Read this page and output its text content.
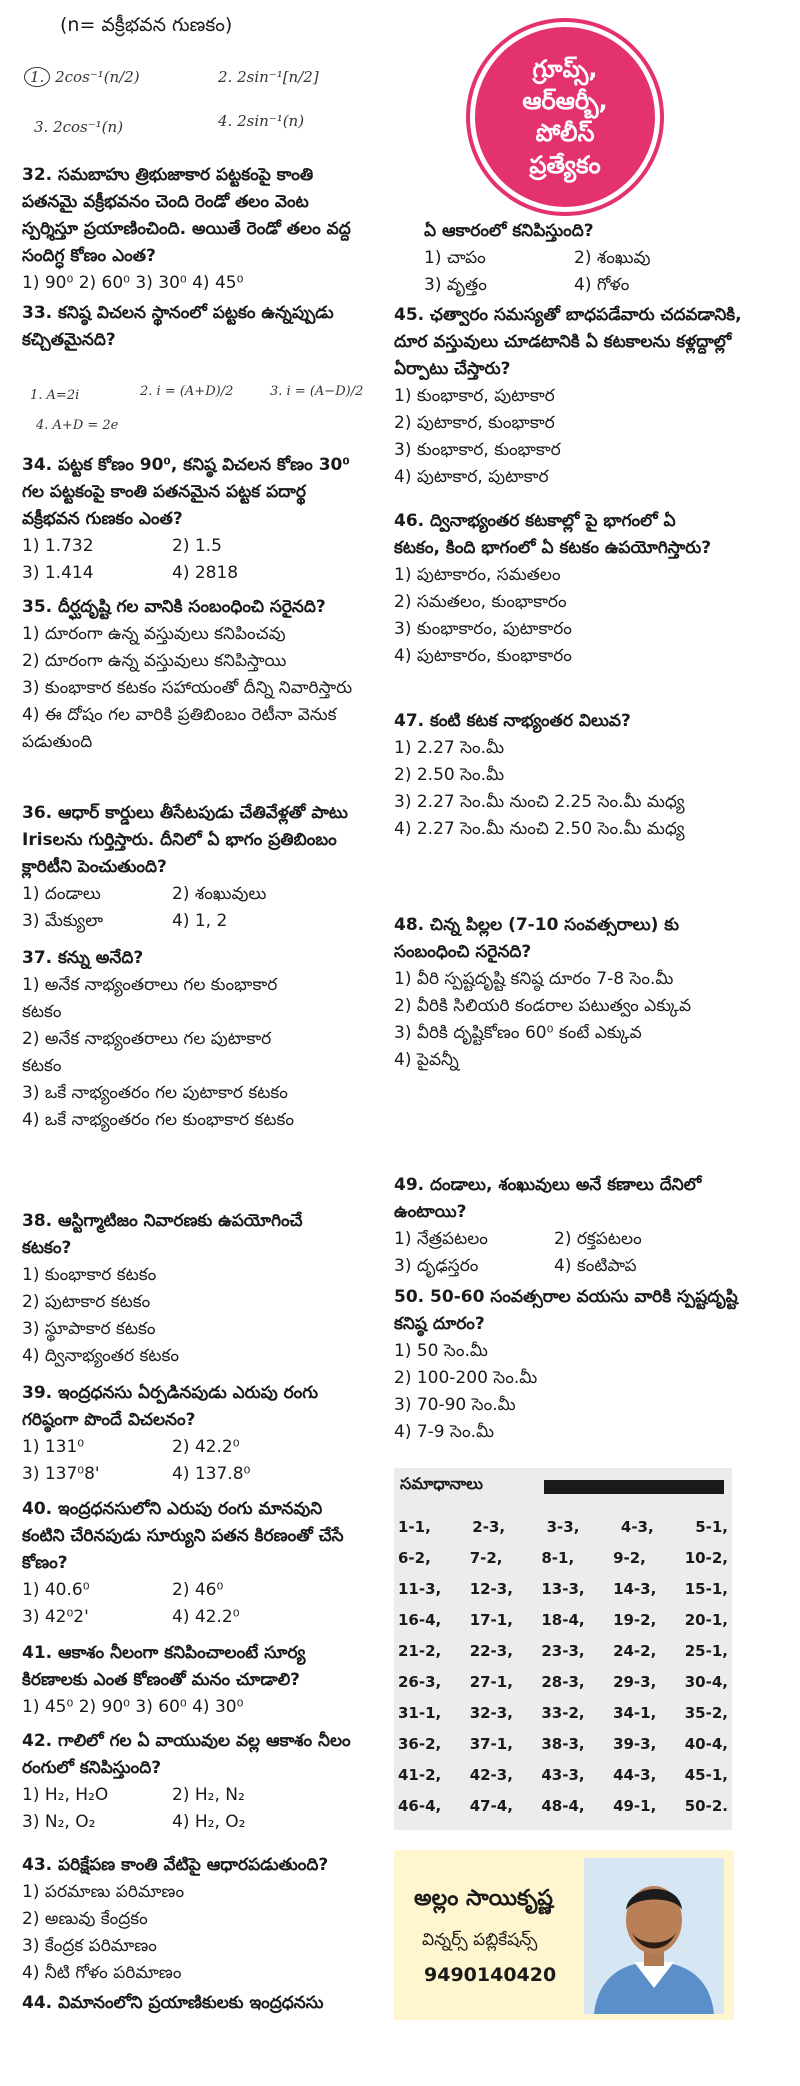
(n= వక్రీభవన గుణకం)
1. 2cos⁻¹(n/2)	2. 2sin⁻¹[n/2]
3. 2cos⁻¹(n)	4. 2sin⁻¹(n)
గ్రూప్స్,
ఆర్ఆర్బీ,
పోలీస్
ప్రత్యేకం
32. సమబాహు త్రిభుజాకార పట్టకంపై కాంతి పతనమై వక్రీభవనం చెంది రెండో తలం వెంట స్పర్శిస్తూ ప్రయాణించింది. అయితే రెండో తలం వద్ద సందిగ్ధ కోణం ఎంత?
1) 90⁰ 2) 60⁰ 3) 30⁰ 4) 45⁰
33. కనిష్ఠ విచలన స్థానంలో పట్టకం ఉన్నప్పుడు కచ్చితమైనది?
1. A=2i	2. i = (A+D)/2	3. i = (A−D)/2
4. A+D = 2e
34. పట్టక కోణం 90⁰, కనిష్ఠ విచలన కోణం 30⁰ గల పట్టకంపై కాంతి పతనమైన పట్టక పదార్థ వక్రీభవన గుణకం ఎంత?
1) 1.732	2) 1.5
3) 1.414	4) 2818
35. దీర్ఘదృష్టి గల వానికి సంబంధించి సరైనది?
1) దూరంగా ఉన్న వస్తువులు కనిపించవు
2) దూరంగా ఉన్న వస్తువులు కనిపిస్తాయి
3) కుంభాకార కటకం సహాయంతో దీన్ని నివారిస్తారు
4) ఈ దోషం గల వారికి ప్రతిబింబం రెటీనా వెనుక పడుతుంది
36. ఆధార్ కార్డులు తీసేటపుడు చేతివేళ్లతో పాటు Irisలను గుర్తిస్తారు. దీనిలో ఏ భాగం ప్రతిబింబం క్లారిటీని పెంచుతుంది?
1) దండాలు	2) శంఖువులు
3) మేక్యులా	4) 1, 2
37. కన్ను అనేది?
1) అనేక నాభ్యంతరాలు గల కుంభాకార కటకం
2) అనేక నాభ్యంతరాలు గల పుటాకార కటకం
3) ఒకే నాభ్యంతరం గల పుటాకార కటకం
4) ఒకే నాభ్యంతరం గల కుంభాకార కటకం
38. ఆస్టిగ్మాటిజం నివారణకు ఉపయోగించే కటకం?
1) కుంభాకార కటకం
2) పుటాకార కటకం
3) స్థూపాకార కటకం
4) ద్వినాభ్యంతర కటకం
39. ఇంద్రధనసు ఏర్పడినపుడు ఎరుపు రంగు గరిష్ఠంగా పొందే విచలనం?
1) 131⁰	2) 42.2⁰
3) 137⁰8'	4) 137.8⁰
40. ఇంద్రధనసులోని ఎరుపు రంగు మానవుని కంటిని చేరినపుడు సూర్యుని పతన కిరణంతో చేసే కోణం?
1) 40.6⁰	2) 46⁰
3) 42⁰2'	4) 42.2⁰
41. ఆకాశం నీలంగా కనిపించాలంటే సూర్య కిరణాలకు ఎంత కోణంతో మనం చూడాలి?
1) 45⁰ 2) 90⁰ 3) 60⁰ 4) 30⁰
42. గాలిలో గల ఏ వాయువుల వల్ల ఆకాశం నీలం రంగులో కనిపిస్తుంది?
1) H₂, H₂O	2) H₂, N₂
3) N₂, O₂	4) H₂, O₂
43. పరిక్షేపణ కాంతి వేటిపై ఆధారపడుతుంది?
1) పరమాణు పరిమాణం
2) అణువు కేంద్రకం
3) కేంద్రక పరిమాణం
4) నీటి గోళం పరిమాణం
44. విమానంలోని ప్రయాణికులకు ఇంద్రధనసు
ఏ ఆకారంలో కనిపిస్తుంది?
1) చాపం	2) శంఖువు
3) వృత్తం	4) గోళం
45. ఛత్వారం సమస్యతో బాధపడేవారు చదవడానికి, దూర వస్తువులు చూడటానికి ఏ కటకాలను కళ్లద్దాల్లో ఏర్పాటు చేస్తారు?
1) కుంభాకార, పుటాకార
2) పుటాకార, కుంభాకార
3) కుంభాకార, కుంభాకార
4) పుటాకార, పుటాకార
46. ద్వినాభ్యంతర కటకాల్లో పై భాగంలో ఏ కటకం, కింది భాగంలో ఏ కటకం ఉపయోగిస్తారు?
1) పుటాకారం, సమతలం
2) సమతలం, కుంభాకారం
3) కుంభాకారం, పుటాకారం
4) పుటాకారం, కుంభాకారం
47. కంటి కటక నాభ్యంతర విలువ?
1) 2.27 సెం.మీ
2) 2.50 సెం.మీ
3) 2.27 సెం.మీ నుంచి 2.25 సెం.మీ మధ్య
4) 2.27 సెం.మీ నుంచి 2.50 సెం.మీ మధ్య
48. చిన్న పిల్లల (7-10 సంవత్సరాలు) కు సంబంధించి సరైనది?
1) వీరి స్పష్టదృష్టి కనిష్ఠ దూరం 7-8 సెం.మీ
2) వీరికి సిలియరి కండరాల పటుత్వం ఎక్కువ
3) వీరికి దృష్టికోణం 60⁰ కంటే ఎక్కువ
4) పైవన్నీ
49. దండాలు, శంఖువులు అనే కణాలు దేనిలో ఉంటాయి?
1) నేత్రపటలం	2) రక్తపటలం
3) దృఢస్తరం	4) కంటిపాప
50. 50-60 సంవత్సరాల వయసు వారికి స్పష్టదృష్టి కనిష్ఠ దూరం?
1) 50 సెం.మీ
2) 100-200 సెం.మీ
3) 70-90 సెం.మీ
4) 7-9 సెం.మీ
సమాధానాలు
1-1,	2-3,	3-3,	4-3,	5-1,
6-2,	7-2,	8-1,	9-2,	10-2,
11-3, 12-3, 13-3, 14-3, 15-1,
16-4, 17-1, 18-4, 19-2, 20-1,
21-2, 22-3, 23-3, 24-2, 25-1,
26-3, 27-1, 28-3, 29-3, 30-4,
31-1, 32-3, 33-2, 34-1, 35-2,
36-2, 37-1, 38-3, 39-3, 40-4,
41-2, 42-3, 43-3, 44-3, 45-1,
46-4, 47-4, 48-4, 49-1, 50-2.
అల్లం సాయికృష్ణ
విన్నర్స్ పబ్లికేషన్స్
9490140420
